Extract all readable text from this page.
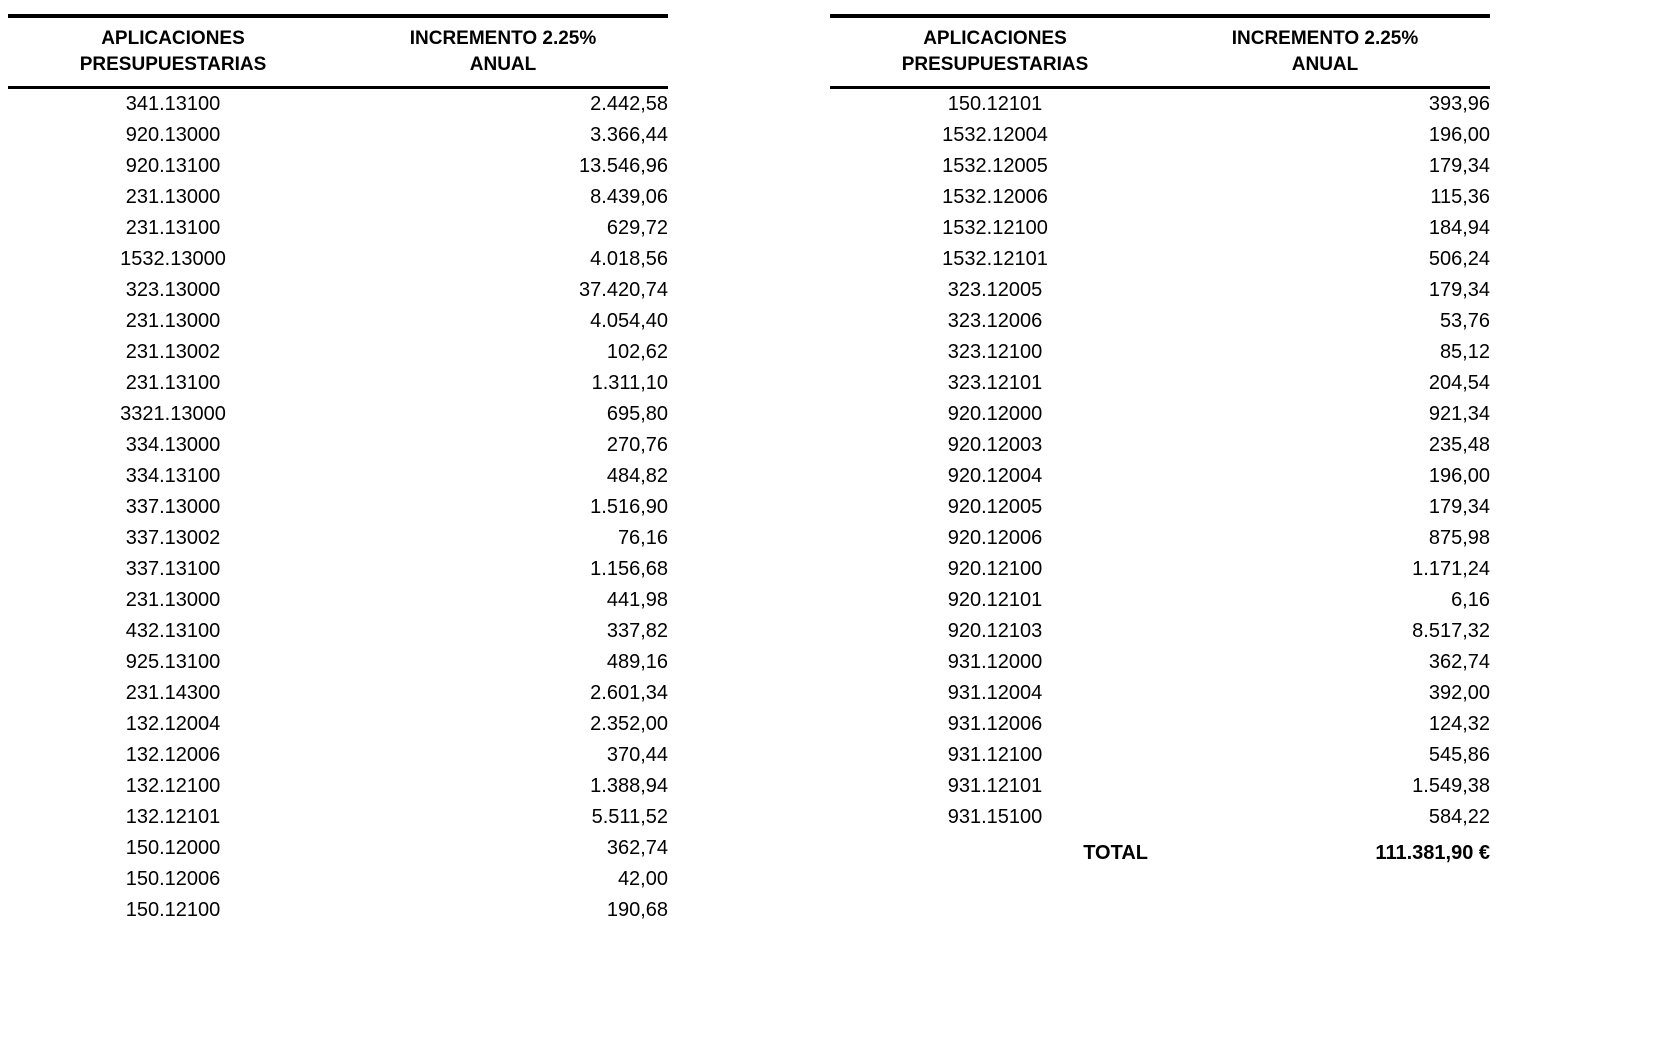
APLICACIONES
PRESUPUESTARIAS	INCREMENTO 2.25%
ANUAL

341.13100	2.442,58
920.13000	3.366,44
920.13100	13.546,96
231.13000	8.439,06
231.13100	629,72
1532.13000	4.018,56
323.13000	37.420,74
231.13000	4.054,40
231.13002	102,62
231.13100	1.311,10
3321.13000	695,80
334.13000	270,76
334.13100	484,82
337.13000	1.516,90
337.13002	76,16
337.13100	1.156,68
231.13000	441,98
432.13100	337,82
925.13100	489,16
231.14300	2.601,34
132.12004	2.352,00
132.12006	370,44
132.12100	1.388,94
132.12101	5.511,52
150.12000	362,74
150.12006	42,00
150.12100	190,68
APLICACIONES
PRESUPUESTARIAS	INCREMENTO 2.25%
ANUAL

150.12101	393,96
1532.12004	196,00
1532.12005	179,34
1532.12006	115,36
1532.12100	184,94
1532.12101	506,24
323.12005	179,34
323.12006	53,76
323.12100	85,12
323.12101	204,54
920.12000	921,34
920.12003	235,48
920.12004	196,00
920.12005	179,34
920.12006	875,98
920.12100	1.171,24
920.12101	6,16
920.12103	8.517,32
931.12000	362,74
931.12004	392,00
931.12006	124,32
931.12100	545,86
931.12101	1.549,38
931.15100	584,22
TOTAL	111.381,90 €
